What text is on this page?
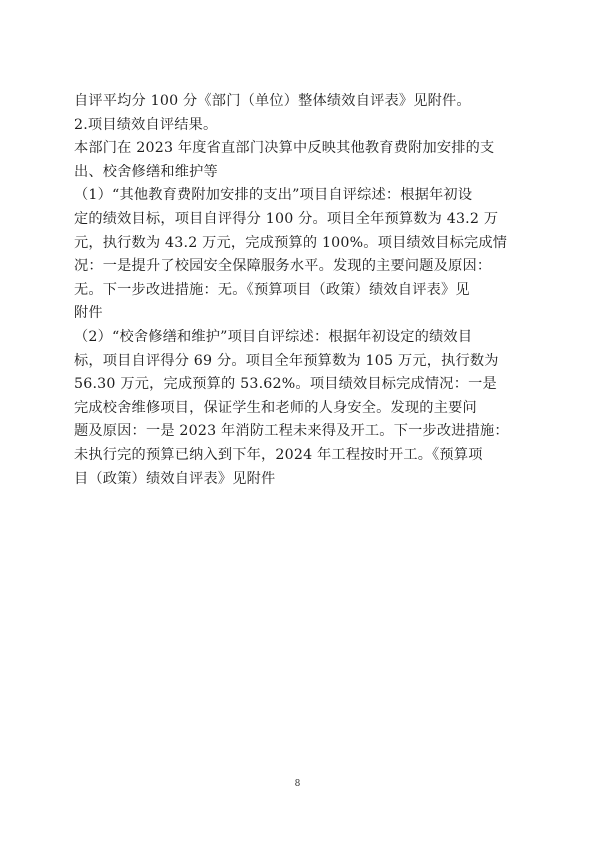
自评平均分 100 分《部门（单位）整体绩效自评表》见附件。
2.项目绩效自评结果。
本部门在 2023 年度省直部门决算中反映其他教育费附加安排的支
出、校舍修缮和维护等
（1）“其他教育费附加安排的支出”项目自评综述：根据年初设
定的绩效目标，项目自评得分 100 分。项目全年预算数为 43.2 万
元，执行数为 43.2 万元，完成预算的 100%。项目绩效目标完成情
况：一是提升了校园安全保障服务水平。发现的主要问题及原因：
无。下一步改进措施：无。《预算项目（政策）绩效自评表》见
附件
（2）“校舍修缮和维护”项目自评综述：根据年初设定的绩效目
标，项目自评得分 69 分。项目全年预算数为 105 万元，执行数为
56.30 万元，完成预算的 53.62%。项目绩效目标完成情况：一是
完成校舍维修项目，保证学生和老师的人身安全。发现的主要问
题及原因：一是 2023 年消防工程未来得及开工。下一步改进措施：
未执行完的预算已纳入到下年，2024 年工程按时开工。《预算项
目（政策）绩效自评表》见附件
8
